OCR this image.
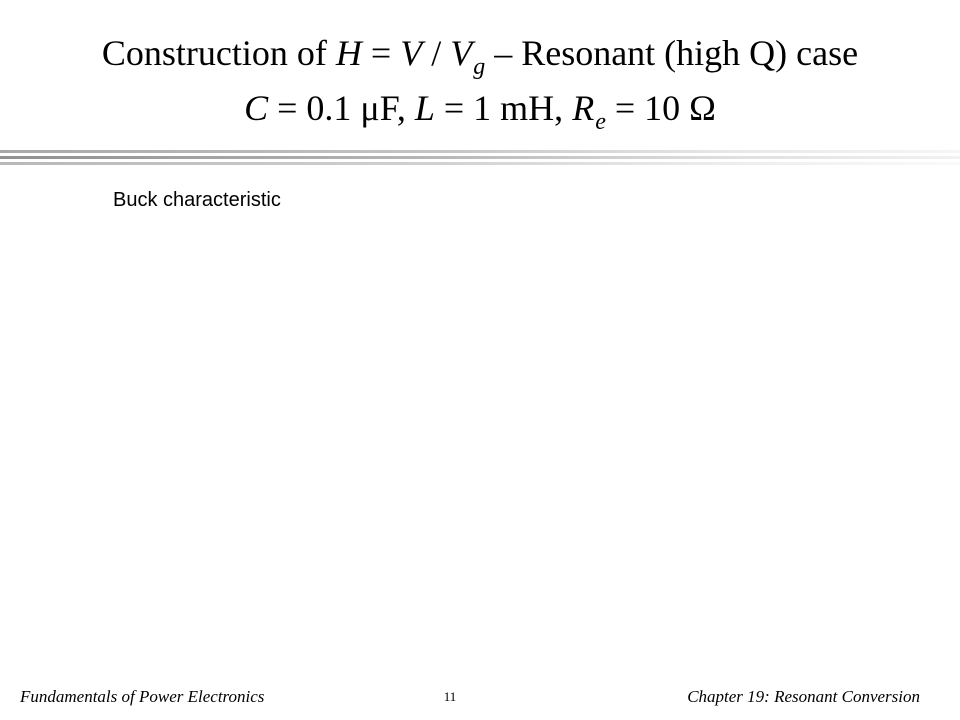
Construction of $H = V / V_g$ – Resonant (high Q) case
C = 0.1 μF, L = 1 mH, $R_e = 10$ Ω
Buck characteristic
Fundamentals of Power Electronics	11	Chapter 19: Resonant Conversion
